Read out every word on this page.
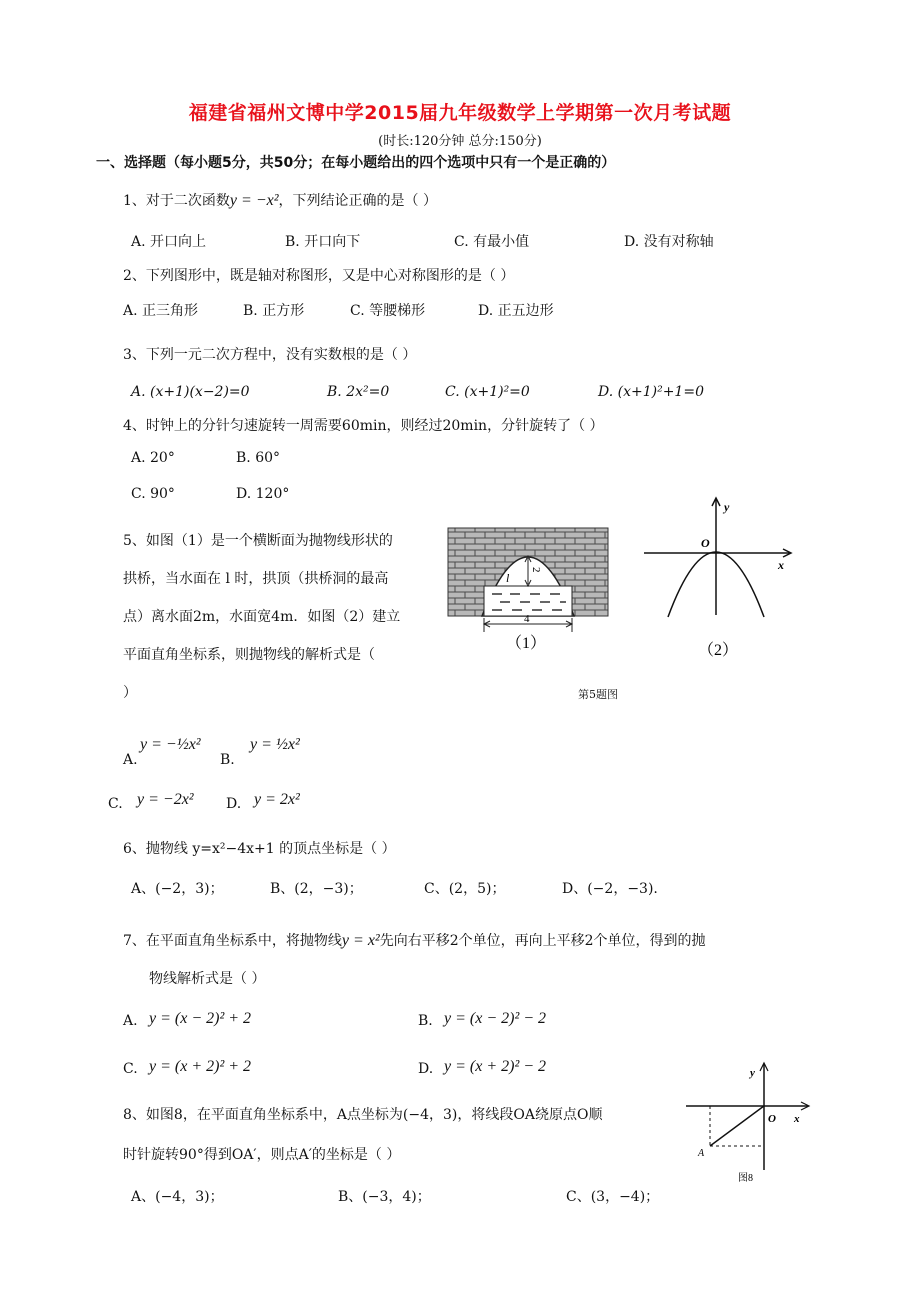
福建省福州文博中学2015届九年级数学上学期第一次月考试题
(时长:120分钟 总分:150分)
一、选择题（每小题5分，共50分；在每小题给出的四个选项中只有一个是正确的）
1、对于二次函数y = −x²，下列结论正确的是（ ）
A. 开口向上	B. 开口向下	C. 有最小值	D. 没有对称轴
2、下列图形中，既是轴对称图形，又是中心对称图形的是（ ）
A. 正三角形	B. 正方形	C. 等腰梯形	D. 正五边形
3、下列一元二次方程中，没有实数根的是（ ）
A. (x+1)(x−2)=0	B. 2x²=0	C. (x+1)²=0	D. (x+1)²+1=0
4、时钟上的分针匀速旋转一周需要60min，则经过20min，分针旋转了（ ）
A. 20°	B. 60°
C. 90°	D. 120°
5、如图（1）是一个横断面为抛物线形状的
拱桥，当水面在 l 时，拱顶（拱桥洞的最高
点）离水面2m，水面宽4m．如图（2）建立
平面直角坐标系，则抛物线的解析式是（
）
2
l
4
（1）
y
x
O
（2）
第5题图
A.
y = −½x²
B.
y = ½x²
C. y = −2x² D. y = 2x²
6、抛物线 y=x²−4x+1 的顶点坐标是（ ）
A、(−2，3)；	B、(2，−3)；	C、(2，5)；	D、(−2，−3).
7、在平面直角坐标系中，将抛物线y = x²先向右平移2个单位，再向上平移2个单位，得到的抛
物线解析式是（ ）
A. y = (x − 2)² + 2	B. y = (x − 2)² − 2
C. y = (x + 2)² + 2	D. y = (x + 2)² − 2
8、如图8，在平面直角坐标系中，A点坐标为(−4，3)，将线段OA绕原点O顺
时针旋转90°得到OA′，则点A′的坐标是（ ）
A、(−4，3)；	B、(−3，4)；	C、(3，−4)；
y
x
O
A
图8
